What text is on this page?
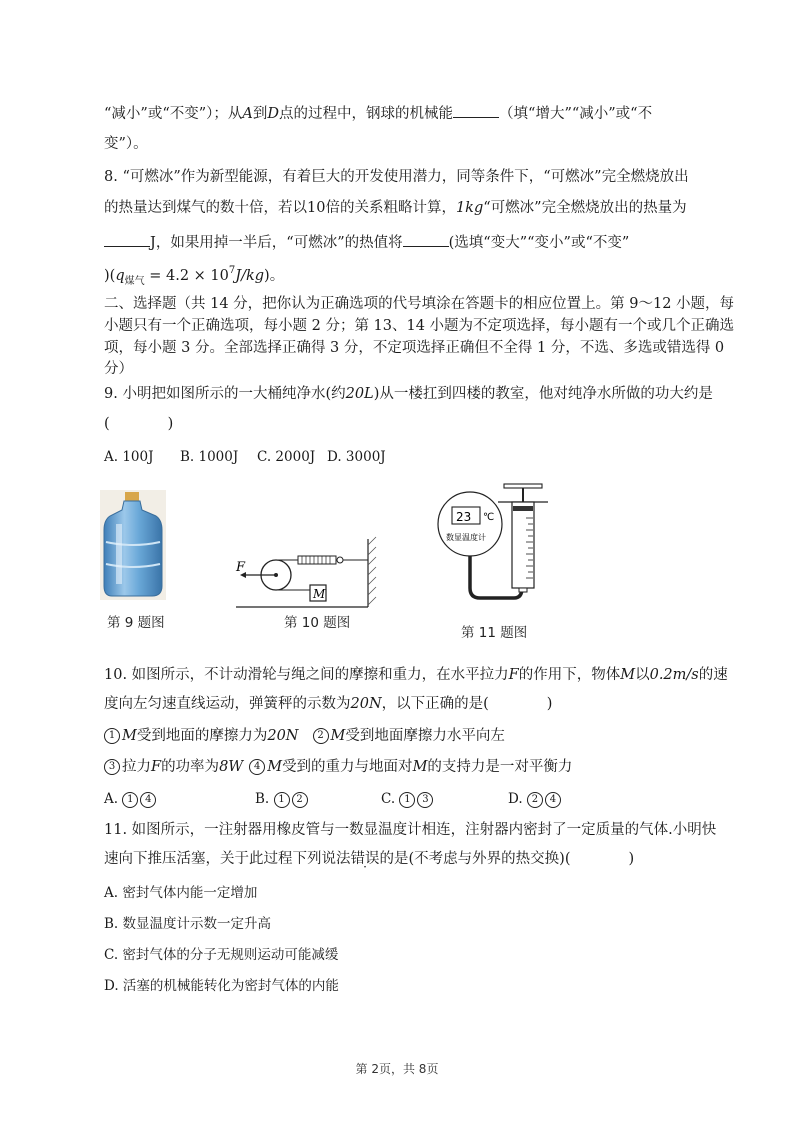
“减小”或“不变”）；从A到D点的过程中，钢球的机械能	（填“增大”“减小”或“不
变”）。
8. “可燃冰”作为新型能源，有着巨大的开发使用潜力，同等条件下，“可燃冰”完全燃烧放出
的热量达到煤气的数十倍，若以10倍的关系粗略计算，1kg“可燃冰”完全燃烧放出的热量为
J，如果用掉一半后，“可燃冰”的热值将	(选填“变大”“变小”或“不变”
)$(q_{煤气} = 4.2 \times 10^7J/kg)$。
二、选择题（共 14 分，把你认为正确选项的代号填涂在答题卡的相应位置上。第 9～12 小题，每
小题只有一个正确选项，每小题 2 分；第 13、14 小题为不定项选择，每小题有一个或几个正确选
项，每小题 3 分。全部选择正确得 3 分，不定项选择正确但不全得 1 分，不选、多选或错选得 0
分）
9. 小明把如图所示的一大桶纯净水(约20L)从一楼扛到四楼的教室，他对纯净水所做的功大约是
(　　　　)
A. 100J B. 1000J C. 2000J D. 3000J
第 9 题图
F
M
第 10 题图
23 ℃
数显温度计
第 11 题图
10. 如图所示，不计动滑轮与绳之间的摩擦和重力，在水平拉力F的作用下，物体M以0.2m/s的速
度向左匀速直线运动，弹簧秤的示数为20N，以下正确的是(　　　　)
1 M受到地面的摩擦力为20N 2 M受到地面摩擦力水平向左
3 拉力F的功率为8W 4 M受到的重力与地面对M的支持力是一对平衡力
A. 1 4	B. 1 2	C. 1 3	D. 2 4
11. 如图所示，一注射器用橡皮管与一数显温度计相连，注射器内密封了一定质量的气体.小明快
速向下推压活塞，关于此过程下列说法错误的是(不考虑与外界的热交换)(　　　　)
A. 密封气体内能一定增加
B. 数显温度计示数一定升高
C. 密封气体的分子无规则运动可能减缓
D. 活塞的机械能转化为密封气体的内能
第 2页，共 8页
